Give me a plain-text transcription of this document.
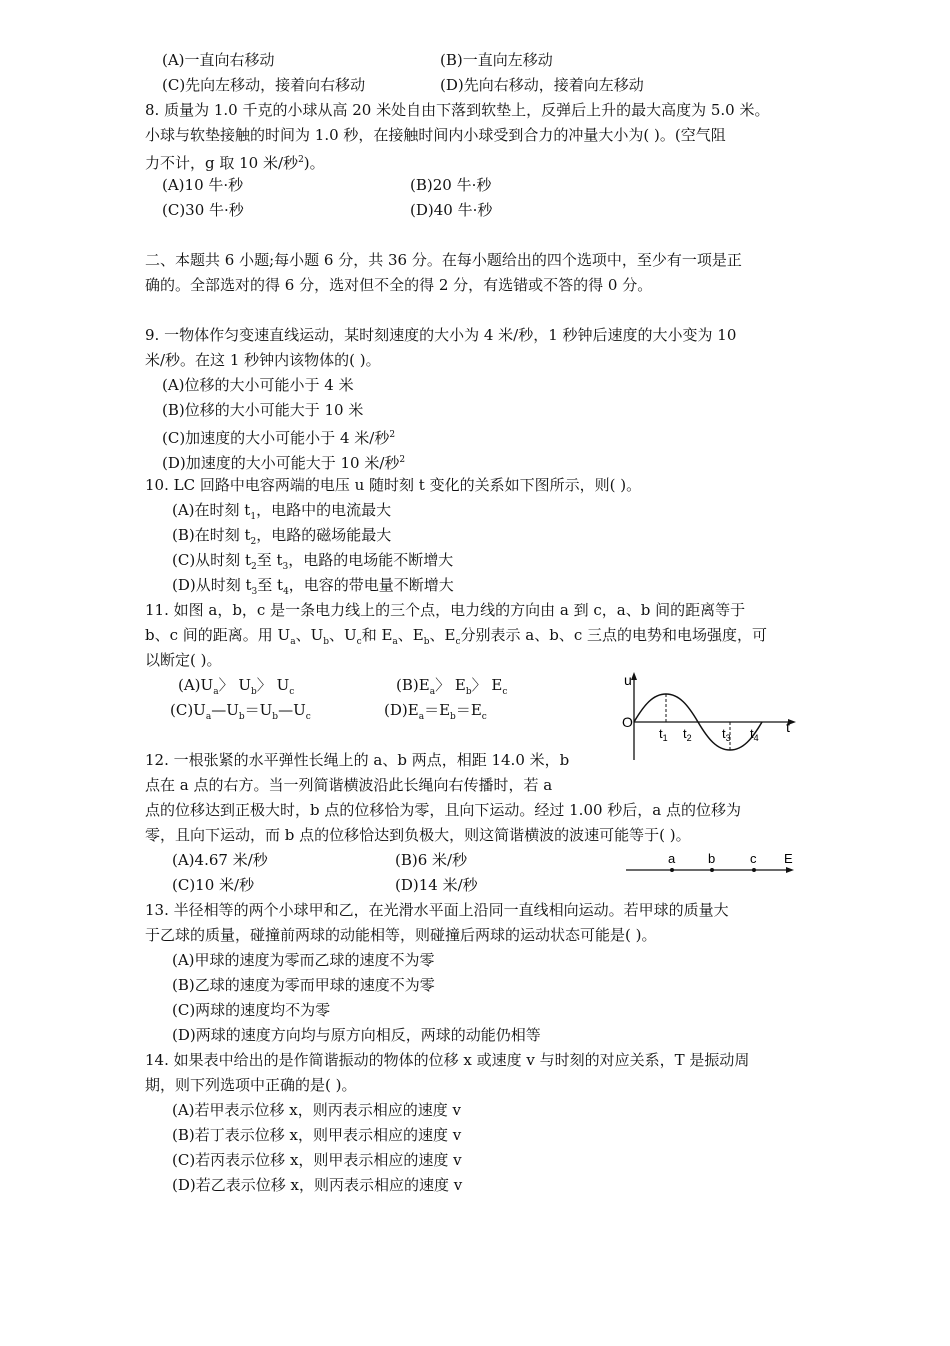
(A)一直向右移动	(B)一直向左移动
(C)先向左移动，接着向右移动	(D)先向右移动，接着向左移动
8. 质量为 1.0 千克的小球从高 20 米处自由下落到软垫上，反弹后上升的最大高度为 5.0 米。
小球与软垫接触的时间为 1.0 秒，在接触时间内小球受到合力的冲量大小为( )。(空气阻
力不计，g 取 10 米/秒$^2$)。
(A)10 牛·秒	(B)20 牛·秒
(C)30 牛·秒	(D)40 牛·秒
二、本题共 6 小题;每小题 6 分，共 36 分。在每小题给出的四个选项中，至少有一项是正
确的。全部选对的得 6 分，选对但不全的得 2 分，有选错或不答的得 0 分。
9. 一物体作匀变速直线运动，某时刻速度的大小为 4 米/秒，1 秒钟后速度的大小变为 10
米/秒。在这 1 秒钟内该物体的( )。
(A)位移的大小可能小于 4 米
(B)位移的大小可能大于 10 米
(C)加速度的大小可能小于 4 米/秒$^2$
(D)加速度的大小可能大于 10 米/秒$^2$
10. LC 回路中电容两端的电压 u 随时刻 t 变化的关系如下图所示，则( )。
(A)在时刻 $t_1$，电路中的电流最大
(B)在时刻 $t_2$，电路的磁场能最大
(C)从时刻 $t_2$至 $t_3$，电路的电场能不断增大
(D)从时刻 $t_3$至 $t_4$，电容的带电量不断增大
11. 如图 a，b，c 是一条电力线上的三个点，电力线的方向由 a 到 c，a、b 间的距离等于
b、c 间的距离。用 $U_a$、$U_b$、$U_c$和 $E_a$、$E_b$、$E_c$分别表示 a、b、c 三点的电势和电场强度，可
以断定( )。
$(A)U_a$〉 $U_b$〉 $U_c$	$(B)E_a$〉 $E_b$〉 $E_c$
$(C)U_a—U_b=U_b—U_c$	$(D)E_a=E_b=E_c$
u
O	t
$t_1$ $t_2$ $t_3$ $t_4$
12. 一根张紧的水平弹性长绳上的 a、b 两点，相距 14.0 米，b
点在 a 点的右方。当一列简谐横波沿此长绳向右传播时，若 a
点的位移达到正极大时，b 点的位移恰为零，且向下运动。经过 1.00 秒后，a 点的位移为
零，且向下运动，而 b 点的位移恰达到负极大，则这简谐横波的波速可能等于( )。
(A)4.67 米/秒	(B)6 米/秒
(C)10 米/秒	(D)14 米/秒
a	b	c E
13. 半径相等的两个小球甲和乙，在光滑水平面上沿同一直线相向运动。若甲球的质量大
于乙球的质量，碰撞前两球的动能相等，则碰撞后两球的运动状态可能是( )。
(A)甲球的速度为零而乙球的速度不为零
(B)乙球的速度为零而甲球的速度不为零
(C)两球的速度均不为零
(D)两球的速度方向均与原方向相反，两球的动能仍相等
14. 如果表中给出的是作简谐振动的物体的位移 x 或速度 v 与时刻的对应关系，T 是振动周
期，则下列选项中正确的是( )。
(A)若甲表示位移 x，则丙表示相应的速度 v
(B)若丁表示位移 x，则甲表示相应的速度 v
(C)若丙表示位移 x，则甲表示相应的速度 v
(D)若乙表示位移 x，则丙表示相应的速度 v
